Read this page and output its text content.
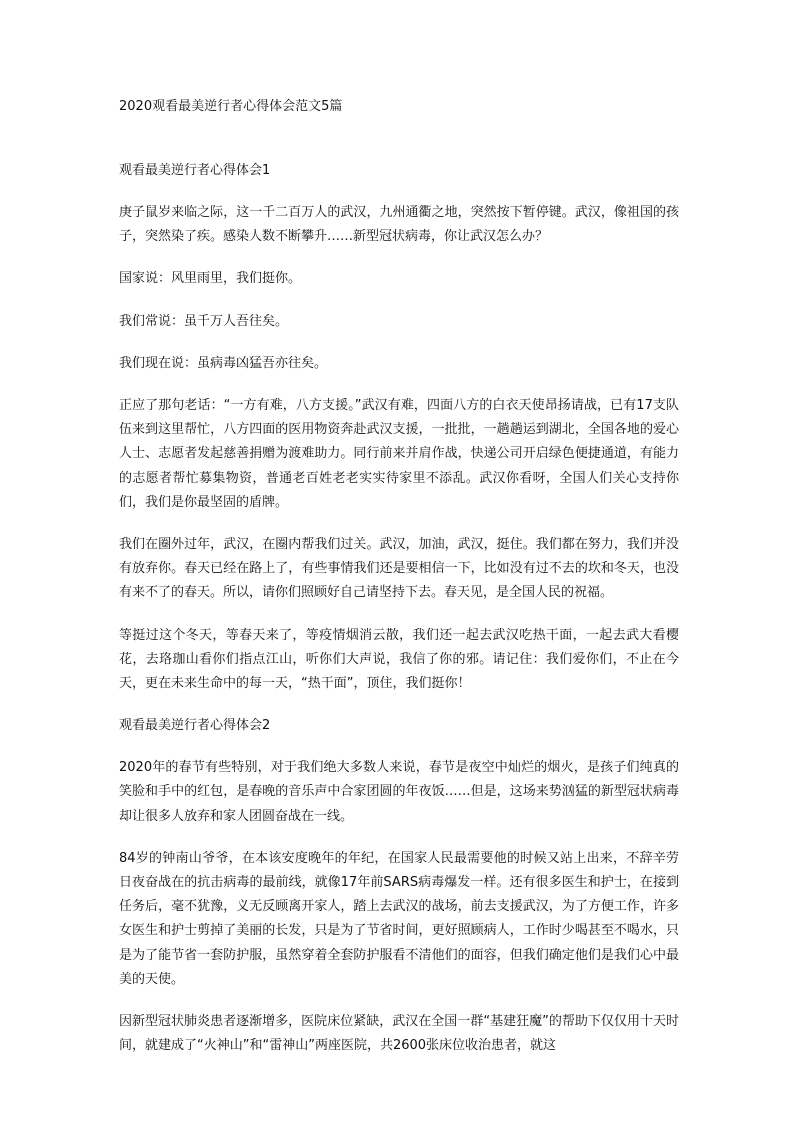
2020观看最美逆行者心得体会范文5篇
观看最美逆行者心得体会1

庚子鼠岁来临之际，这一千二百万人的武汉，九州通衢之地，突然按下暂停键。武汉，像祖国的孩子，突然染了疾。感染人数不断攀升……新型冠状病毒，你让武汉怎么办？

国家说：风里雨里，我们挺你。

我们常说：虽千万人吾往矣。

我们现在说：虽病毒凶猛吾亦往矣。

正应了那句老话：“一方有难，八方支援。”武汉有难，四面八方的白衣天使昂扬请战，已有17支队伍来到这里帮忙，八方四面的医用物资奔赴武汉支援，一批批，一趟趟运到湖北，全国各地的爱心人士、志愿者发起慈善捐赠为渡难助力。同行前来并肩作战，快递公司开启绿色便捷通道，有能力的志愿者帮忙募集物资，普通老百姓老老实实待家里不添乱。武汉你看呀，全国人们关心支持你们，我们是你最坚固的盾牌。

我们在圈外过年，武汉，在圈内帮我们过关。武汉，加油，武汉，挺住。我们都在努力，我们并没有放弃你。春天已经在路上了，有些事情我们还是要相信一下，比如没有过不去的坎和冬天，也没有来不了的春天。所以，请你们照顾好自己请坚持下去。春天见，是全国人民的祝福。

等挺过这个冬天，等春天来了，等疫情烟消云散，我们还一起去武汉吃热干面，一起去武大看樱花，去珞珈山看你们指点江山，听你们大声说，我信了你的邪。请记住：我们爱你们，不止在今天，更在未来生命中的每一天，“热干面”，顶住，我们挺你！

观看最美逆行者心得体会2

2020年的春节有些特别，对于我们绝大多数人来说，春节是夜空中灿烂的烟火，是孩子们纯真的笑脸和手中的红包，是春晚的音乐声中合家团圆的年夜饭……但是，这场来势汹猛的新型冠状病毒却让很多人放弃和家人团圆奋战在一线。

84岁的钟南山爷爷，在本该安度晚年的年纪，在国家人民最需要他的时候又站上出来，不辞辛劳日夜奋战在的抗击病毒的最前线，就像17年前SARS病毒爆发一样。还有很多医生和护士，在接到任务后，毫不犹豫，义无反顾离开家人，踏上去武汉的战场，前去支援武汉，为了方便工作，许多女医生和护士剪掉了美丽的长发，只是为了节省时间，更好照顾病人，工作时少喝甚至不喝水，只是为了能节省一套防护服，虽然穿着全套防护服看不清他们的面容，但我们确定他们是我们心中最美的天使。

因新型冠状肺炎患者逐渐增多，医院床位紧缺，武汉在全国一群“基建狂魔”的帮助下仅仅用十天时间，就建成了“火神山”和“雷神山”两座医院，共2600张床位收治患者，就这
